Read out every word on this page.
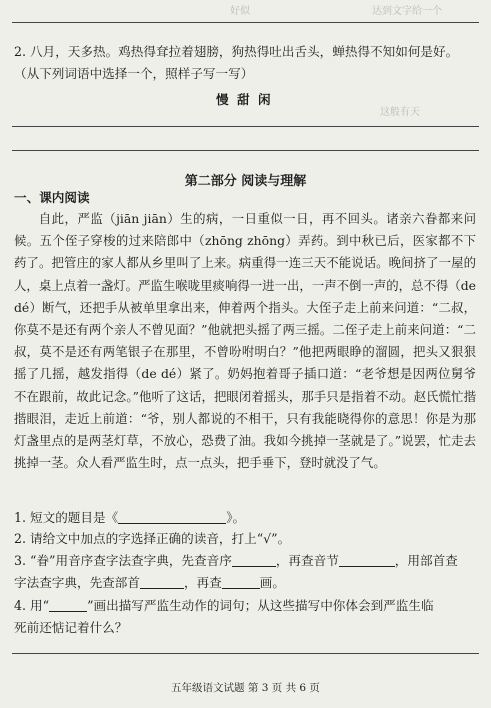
好似	达到文字给一个
2. 八月，天多热。鸡热得耷拉着翅膀，狗热得吐出舌头，蝉热得不知如何是好。
（从下列词语中选择一个，照样子写一写）
慢 甜 闲
这般有天
第二部分 阅读与理解
一、课内阅读
自此，严监（jiān jiān）生的病，一日重似一日，再不回头。诸亲六眷都来问候。五个侄子穿梭的过来陪郎中（zhōng zhōng）弄药。到中秋已后，医家都不下药了。把管庄的家人都从乡里叫了上来。病重得一连三天不能说话。晚间挤了一屋的人，桌上点着一盏灯。严监生喉咙里痰响得一进一出，一声不倒一声的，总不得（de dé）断气，还把手从被单里拿出来，伸着两个指头。大侄子走上前来问道：“二叔，你莫不是还有两个亲人不曾见面？”他就把头摇了两三摇。二侄子走上前来问道：“二叔，莫不是还有两笔银子在那里，不曾吩咐明白？”他把两眼睁的溜圆，把头又狠狠摇了几摇，越发指得（de dé）紧了。奶妈抱着哥子插口道：“老爷想是因两位舅爷不在跟前，故此记念。”他听了这话，把眼闭着摇头，那手只是指着不动。赵氏慌忙揩揩眼泪，走近上前道：“爷，别人都说的不相干，只有我能晓得你的意思！你是为那灯盏里点的是两茎灯草，不放心，恐费了油。我如今挑掉一茎就是了。”说罢，忙走去挑掉一茎。众人看严监生时，点一点头，把手垂下，登时就没了气。
1. 短文的题目是《	》。
2. 请给文中加点的字选择正确的读音，打上“√”。
3. “眷”用音序查字法查字典，先查音序	，再查音节	，用部首查
字法查字典，先查部首	，再查	画。
4. 用“	”画出描写严监生动作的词句；从这些描写中你体会到严监生临
死前还惦记着什么？
五年级语文试题 第 3 页 共 6 页
